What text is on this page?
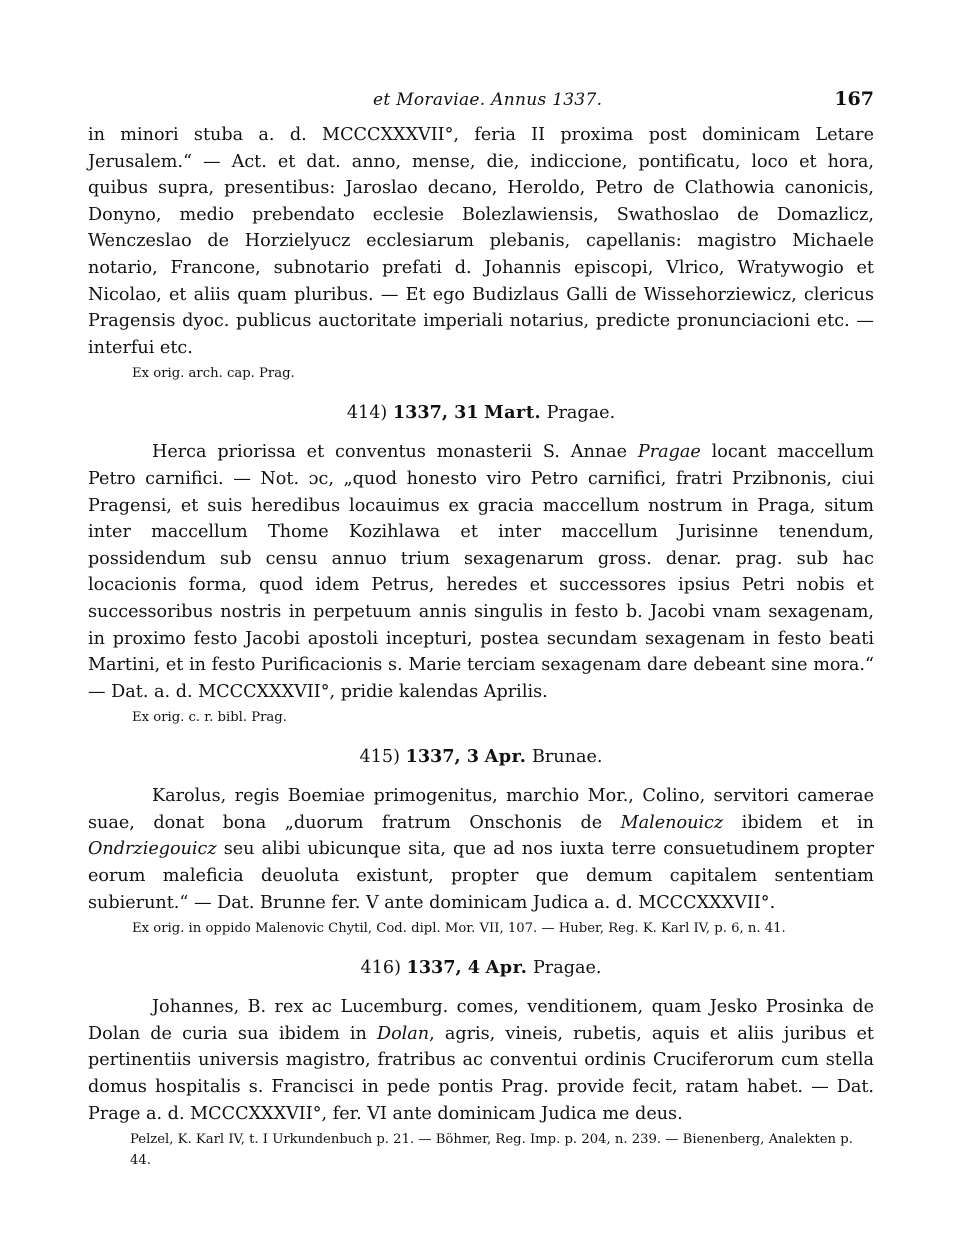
et Moraviae. Annus 1337.	167

in minori stuba a. d. MCCCXXXVII°, feria II proxima post dominicam Letare Jerusalem.“ — Act. et dat. anno, mense, die, indiccione, pontificatu, loco et hora, quibus supra, presentibus: Jaroslao decano, Heroldo, Petro de Clathowia canonicis, Donyno, medio prebendato ecclesie Bolezlawiensis, Swathoslao de Domazlicz, Wenczeslao de Horzielyucz ecclesiarum plebanis, capellanis: magistro Michaele notario, Francone, subnotario prefati d. Johannis episcopi, Vlrico, Wratywogio et Nicolao, et aliis quam pluribus. — Et ego Budizlaus Galli de Wissehorziewicz, clericus Pragensis dyoc. publicus auctoritate imperiali notarius, predicte pronunciacioni etc. — interfui etc.

Ex orig. arch. cap. Prag.

414) 1337, 31 Mart. Pragae.

Herca priorissa et conventus monasterii S. Annae Pragae locant maccellum Petro carnifici. — Not. ɔc, „quod honesto viro Petro carnifici, fratri Przibnonis, ciui Pragensi, et suis heredibus locauimus ex gracia maccellum nostrum in Praga, situm inter maccellum Thome Kozihlawa et inter maccellum Jurisinne tenendum, possidendum sub censu annuo trium sexagenarum gross. denar. prag. sub hac locacionis forma, quod idem Petrus, heredes et successores ipsius Petri nobis et successoribus nostris in perpetuum annis singulis in festo b. Jacobi vnam sexagenam, in proximo festo Jacobi apostoli incepturi, postea secundam sexagenam in festo beati Martini, et in festo Purificacionis s. Marie terciam sexagenam dare debeant sine mora.“ — Dat. a. d. MCCCXXXVII°, pridie kalendas Aprilis.

Ex orig. c. r. bibl. Prag.

415) 1337, 3 Apr. Brunae.

Karolus, regis Boemiae primogenitus, marchio Mor., Colino, servitori camerae suae, donat bona „duorum fratrum Onschonis de Malenouicz ibidem et in Ondrziegouicz seu alibi ubicunque sita, que ad nos iuxta terre consuetudinem propter eorum maleficia deuoluta existunt, propter que demum capitalem sententiam subierunt.“ — Dat. Brunne fer. V ante dominicam Judica a. d. MCCCXXXVII°.

Ex orig. in oppido Malenovic Chytil, Cod. dipl. Mor. VII, 107. — Huber, Reg. K. Karl IV, p. 6, n. 41.

416) 1337, 4 Apr. Pragae.

Johannes, B. rex ac Lucemburg. comes, venditionem, quam Jesko Prosinka de Dolan de curia sua ibidem in Dolan, agris, vineis, rubetis, aquis et aliis juribus et pertinentiis universis magistro, fratribus ac conventui ordinis Cruciferorum cum stella domus hospitalis s. Francisci in pede pontis Prag. provide fecit, ratam habet. — Dat. Prage a. d. MCCCXXXVII°, fer. VI ante dominicam Judica me deus.

Pelzel, K. Karl IV, t. I Urkundenbuch p. 21. — Böhmer, Reg. Imp. p. 204, n. 239. — Bienenberg, Analekten p. 44.
